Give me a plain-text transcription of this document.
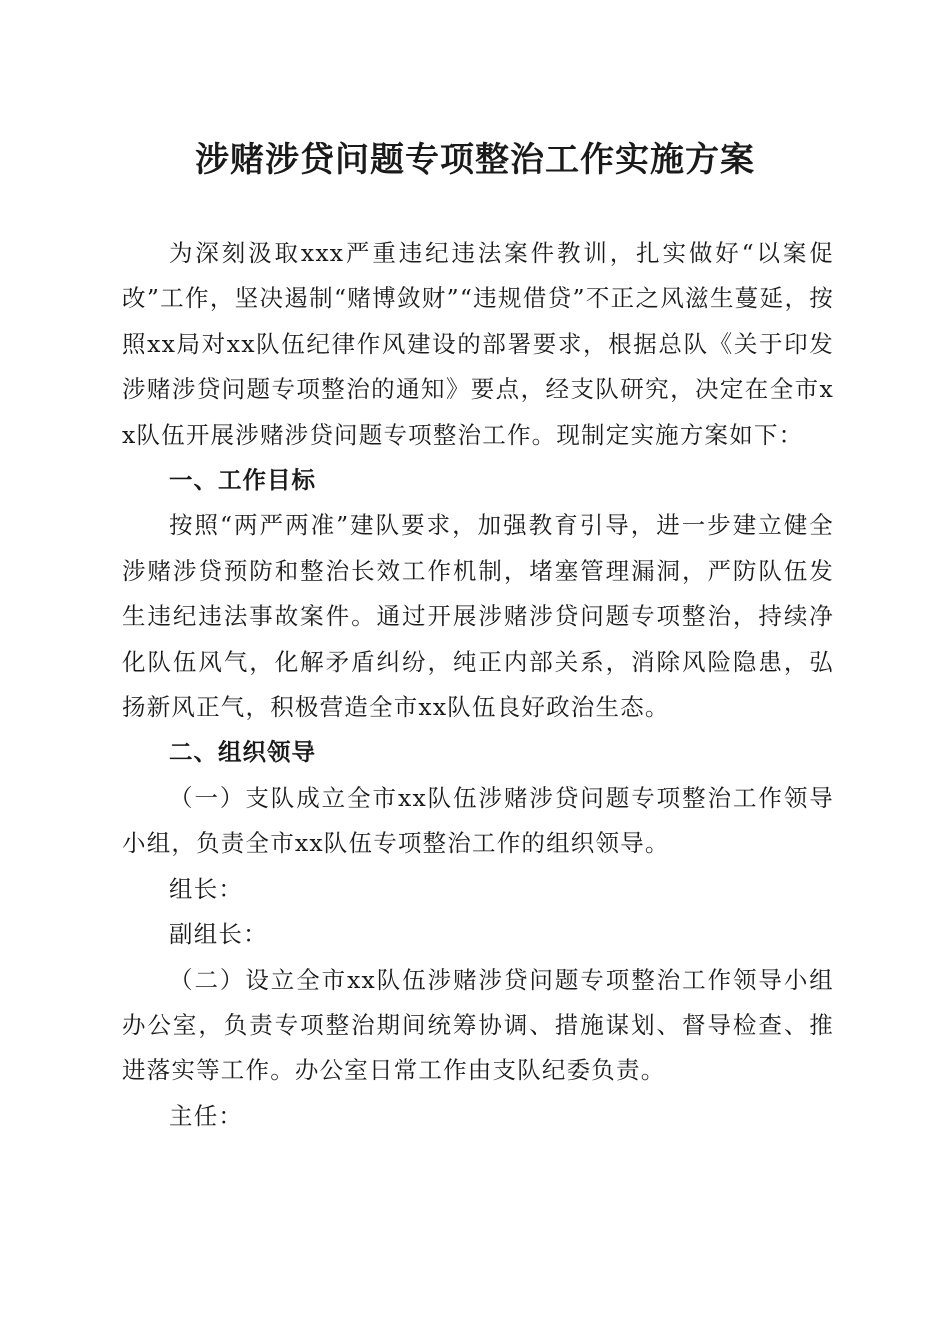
涉赌涉贷问题专项整治工作实施方案

为深刻汲取xxx严重违纪违法案件教训，扎实做好“以案促改”工作，坚决遏制“赌博敛财”“违规借贷”不正之风滋生蔓延，按照xx局对xx队伍纪律作风建设的部署要求，根据总队《关于印发涉赌涉贷问题专项整治的通知》要点，经支队研究，决定在全市xx队伍开展涉赌涉贷问题专项整治工作。现制定实施方案如下：

一、工作目标

按照“两严两准”建队要求，加强教育引导，进一步建立健全涉赌涉贷预防和整治长效工作机制，堵塞管理漏洞，严防队伍发生违纪违法事故案件。通过开展涉赌涉贷问题专项整治，持续净化队伍风气，化解矛盾纠纷，纯正内部关系，消除风险隐患，弘扬新风正气，积极营造全市xx队伍良好政治生态。

二、组织领导

（一）支队成立全市xx队伍涉赌涉贷问题专项整治工作领导小组，负责全市xx队伍专项整治工作的组织领导。

组长：

副组长：

（二）设立全市xx队伍涉赌涉贷问题专项整治工作领导小组办公室，负责专项整治期间统筹协调、措施谋划、督导检查、推进落实等工作。办公室日常工作由支队纪委负责。

主任：
